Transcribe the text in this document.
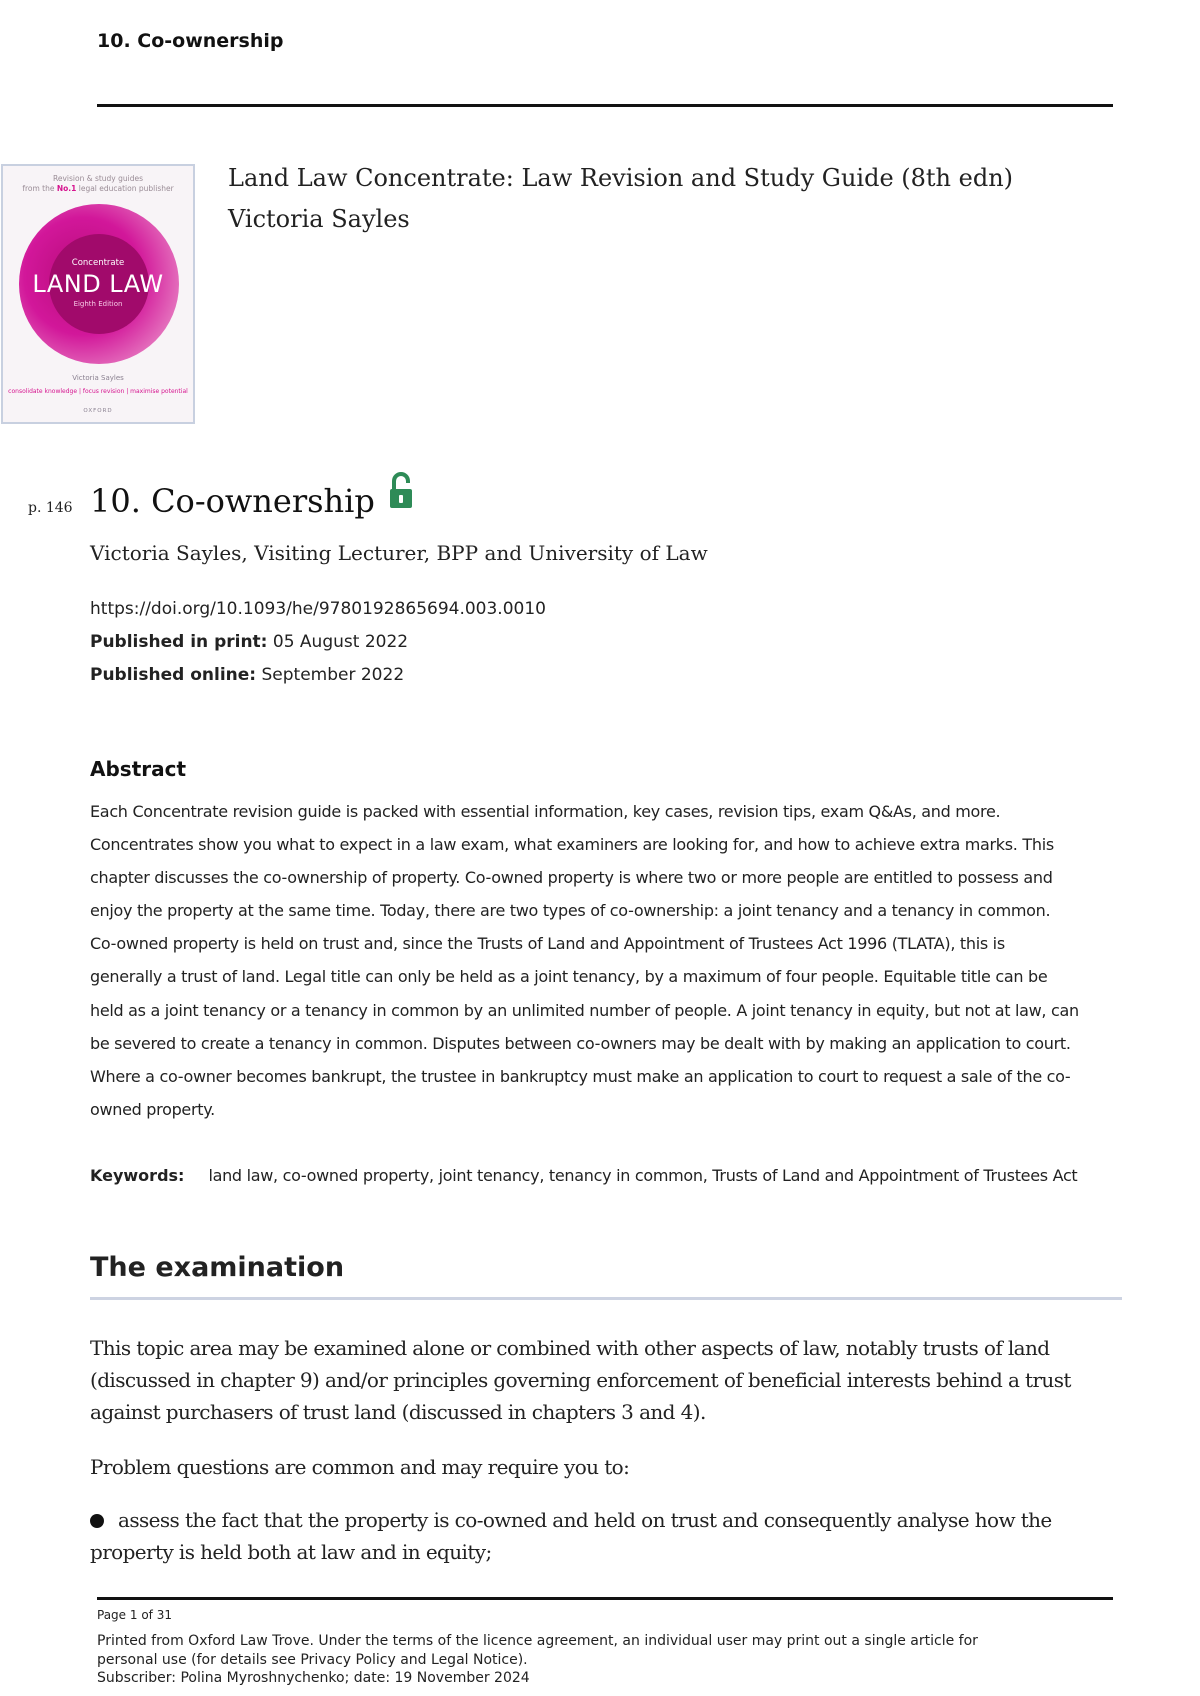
10. Co-ownership
Revision & study guides
from the No.1 legal education publisher
Concentrate
LAND LAW
Eighth Edition
Victoria Sayles
consolidate knowledge | focus revision | maximise potential
OXFORD
Land Law Concentrate: Law Revision and Study Guide (8th edn)
Victoria Sayles
p. 146 10. Co-ownership
Victoria Sayles, Visiting Lecturer, BPP and University of Law
https://doi.org/10.1093/he/9780192865694.003.0010
Published in print: 05 August 2022
Published online: September 2022
Abstract
Each Concentrate revision guide is packed with essential information, key cases, revision tips, exam Q&As, and more.
Concentrates show you what to expect in a law exam, what examiners are looking for, and how to achieve extra marks. This
chapter discusses the co-ownership of property. Co-owned property is where two or more people are entitled to possess and
enjoy the property at the same time. Today, there are two types of co-ownership: a joint tenancy and a tenancy in common.
Co-owned property is held on trust and, since the Trusts of Land and Appointment of Trustees Act 1996 (TLATA), this is
generally a trust of land. Legal title can only be held as a joint tenancy, by a maximum of four people. Equitable title can be
held as a joint tenancy or a tenancy in common by an unlimited number of people. A joint tenancy in equity, but not at law, can
be severed to create a tenancy in common. Disputes between co-owners may be dealt with by making an application to court.
Where a co-owner becomes bankrupt, the trustee in bankruptcy must make an application to court to request a sale of the co-
owned property.
Keywords: land law, co-owned property, joint tenancy, tenancy in common, Trusts of Land and Appointment of Trustees Act
The examination
This topic area may be examined alone or combined with other aspects of law, notably trusts of land
(discussed in chapter 9) and/or principles governing enforcement of beneficial interests behind a trust
against purchasers of trust land (discussed in chapters 3 and 4).
Problem questions are common and may require you to:
assess the fact that the property is co-owned and held on trust and consequently analyse how the
property is held both at law and in equity;
Page 1 of 31
Printed from Oxford Law Trove. Under the terms of the licence agreement, an individual user may print out a single article for
personal use (for details see Privacy Policy and Legal Notice).
Subscriber: Polina Myroshnychenko; date: 19 November 2024
